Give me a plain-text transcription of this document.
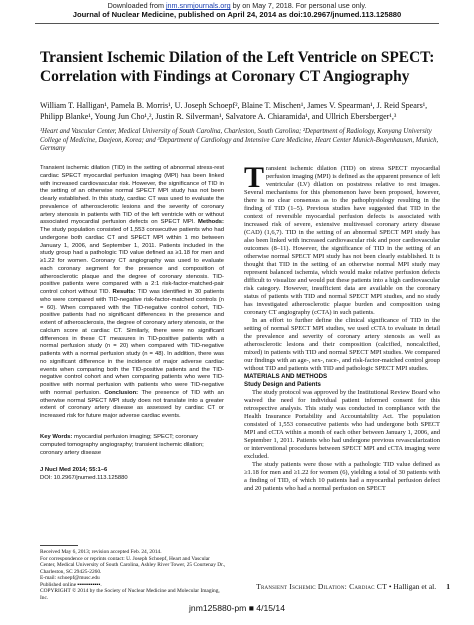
Downloaded from jnm.snmjournals.org by on May 7, 2018. For personal use only.
Journal of Nuclear Medicine, published on April 24, 2014 as doi:10.2967/jnumed.113.125880
Transient Ischemic Dilation of the Left Ventricle on SPECT: Correlation with Findings at Coronary CT Angiography
William T. Halligan¹, Pamela B. Morris¹, U. Joseph Schoepf², Blaine T. Mischen¹, James V. Spearman¹, J. Reid Spears¹, Philipp Blanke¹, Young Jun Cho¹,², Justin R. Silverman¹, Salvatore A. Chiaramida¹, and Ullrich Ebersberger¹,³
¹Heart and Vascular Center, Medical University of South Carolina, Charleston, South Carolina; ²Department of Radiology, Konyang University College of Medicine, Daejeon, Korea; and ³Department of Cardiology and Intensive Care Medicine, Heart Center Munich-Bogenhausen, Munich, Germany
Transient ischemic dilation (TID) in the setting of abnormal stress-rest cardiac SPECT myocardial perfusion imaging (MPI) has been linked with increased cardiovascular risk. However, the significance of TID in the setting of an otherwise normal SPECT MPI study has not been clearly established. In this study, cardiac CT was used to evaluate the prevalence of atherosclerotic lesions and the severity of coronary artery stenosis in patients with TID of the left ventricle with or without associated myocardial perfusion defects on SPECT MPI. Methods: The study population consisted of 1,553 consecutive patients who had undergone both cardiac CT and SPECT MPI within 1 mo between January 1, 2006, and September 1, 2011. Patients included in the study group had a pathologic TID value defined as ≥1.18 for men and ≥1.22 for women. Coronary CT angiography was used to evaluate each coronary segment for the presence and composition of atherosclerotic plaque and the degree of coronary stenosis. TID-positive patients were compared with a 2:1 risk-factor-matched-pair control cohort without TID. Results: TID was identified in 30 patients who were compared with TID-negative risk-factor-matched controls (n = 60). When compared with the TID-negative control cohort, TID-positive patients had no significant differences in the presence and extent of atherosclerosis, the degree of coronary artery stenosis, or the calcium score at cardiac CT. Similarly, there were no significant differences in these CT measures in TID-positive patients with a normal perfusion study (n = 20) when compared with TID-negative patients with a normal perfusion study (n = 48). In addition, there was no significant difference in the incidence of major adverse cardiac events when comparing both the TID-positive patients and the TID-negative control cohort and when comparing patients who were TID-positive with normal perfusion with patients who were TID-negative with normal perfusion. Conclusion: The presence of TID with an otherwise normal SPECT MPI study does not translate into a greater extent of coronary artery disease as assessed by cardiac CT or increased risk for future major adverse cardiac events.
Key Words: myocardial perfusion imaging; SPECT; coronary computed tomography angiography; transient ischemic dilation; coronary artery disease
J Nucl Med 2014; 55:1–6
DOI: 10.2967/jnumed.113.125880
Received May 6, 2013; revision accepted Feb. 24, 2014.
For correspondence or reprints contact: U. Joseph Schoepf, Heart and Vascular Center, Medical University of South Carolina, Ashley River Tower, 25 Courtenay Dr., Charleston, SC 29425-2260.
E-mail: schoepf@musc.edu
Published online ▪▪▪▪▪▪▪▪▪▪▪▪.
COPYRIGHT © 2014 by the Society of Nuclear Medicine and Molecular Imaging, Inc.

Transient ischemic dilation (TID) on stress SPECT myocardial perfusion imaging (MPI) is defined as the apparent presence of left ventricular (LV) dilation on poststress relative to rest images. Several mechanisms for this phenomenon have been proposed, however, there is no clear consensus as to the pathophysiology resulting in the finding of TID (1–5). Previous studies have suggested that TID in the context of reversible myocardial perfusion defects is associated with increased risk of severe, extensive multivessel coronary artery disease (CAD) (1,6,7). TID in the setting of an abnormal SPECT MPI study has also been linked with increased cardiovascular risk and poor cardiovascular outcomes (8–11). However, the significance of TID in the setting of an otherwise normal SPECT MPI study has not been clearly established. It is thought that TID in the setting of an otherwise normal MPI study may represent balanced ischemia, which would make relative perfusion defects difficult to visualize and would put these patients into a high cardiovascular risk category. However, insufficient data are available on the coronary status of patients with TID and normal SPECT MPI studies, and no study has investigated atherosclerotic plaque burden and composition using coronary CT angiography (cCTA) in such patients.

In an effort to further define the clinical significance of TID in the setting of normal SPECT MPI studies, we used cCTA to evaluate in detail the prevalence and severity of coronary artery stenosis as well as atherosclerotic lesions and their composition (calcified, noncalcified, mixed) in patients with TID and normal SPECT MPI studies. We compared our findings with an age-, sex-, race-, and risk-factor-matched control group without TID and patients with TID and pathologic SPECT MPI studies.

MATERIALS AND METHODS

Study Design and Patients

The study protocol was approved by the Institutional Review Board who waived the need for individual patient informed consent for this retrospective analysis. This study was conducted in compliance with the Health Insurance Portability and Accountability Act. The population consisted of 1,553 consecutive patients who had undergone both SPECT MPI and cCTA within a month of each other between January 1, 2006, and September 1, 2011. Patients who had undergone previous revascularization or interventional procedures between SPECT MPI and cCTA imaging were excluded.

The study patients were those with a pathologic TID value defined as ≥1.18 for men and ≥1.22 for women (6), yielding a total of 30 patients with a finding of TID, of which 10 patients had a myocardial perfusion defect and 20 patients who had a normal perfusion on SPECT

Transient Ischemic Dilation: Cardiac CT • Halligan et al. 1
jnm125880-pm ■ 4/15/14
